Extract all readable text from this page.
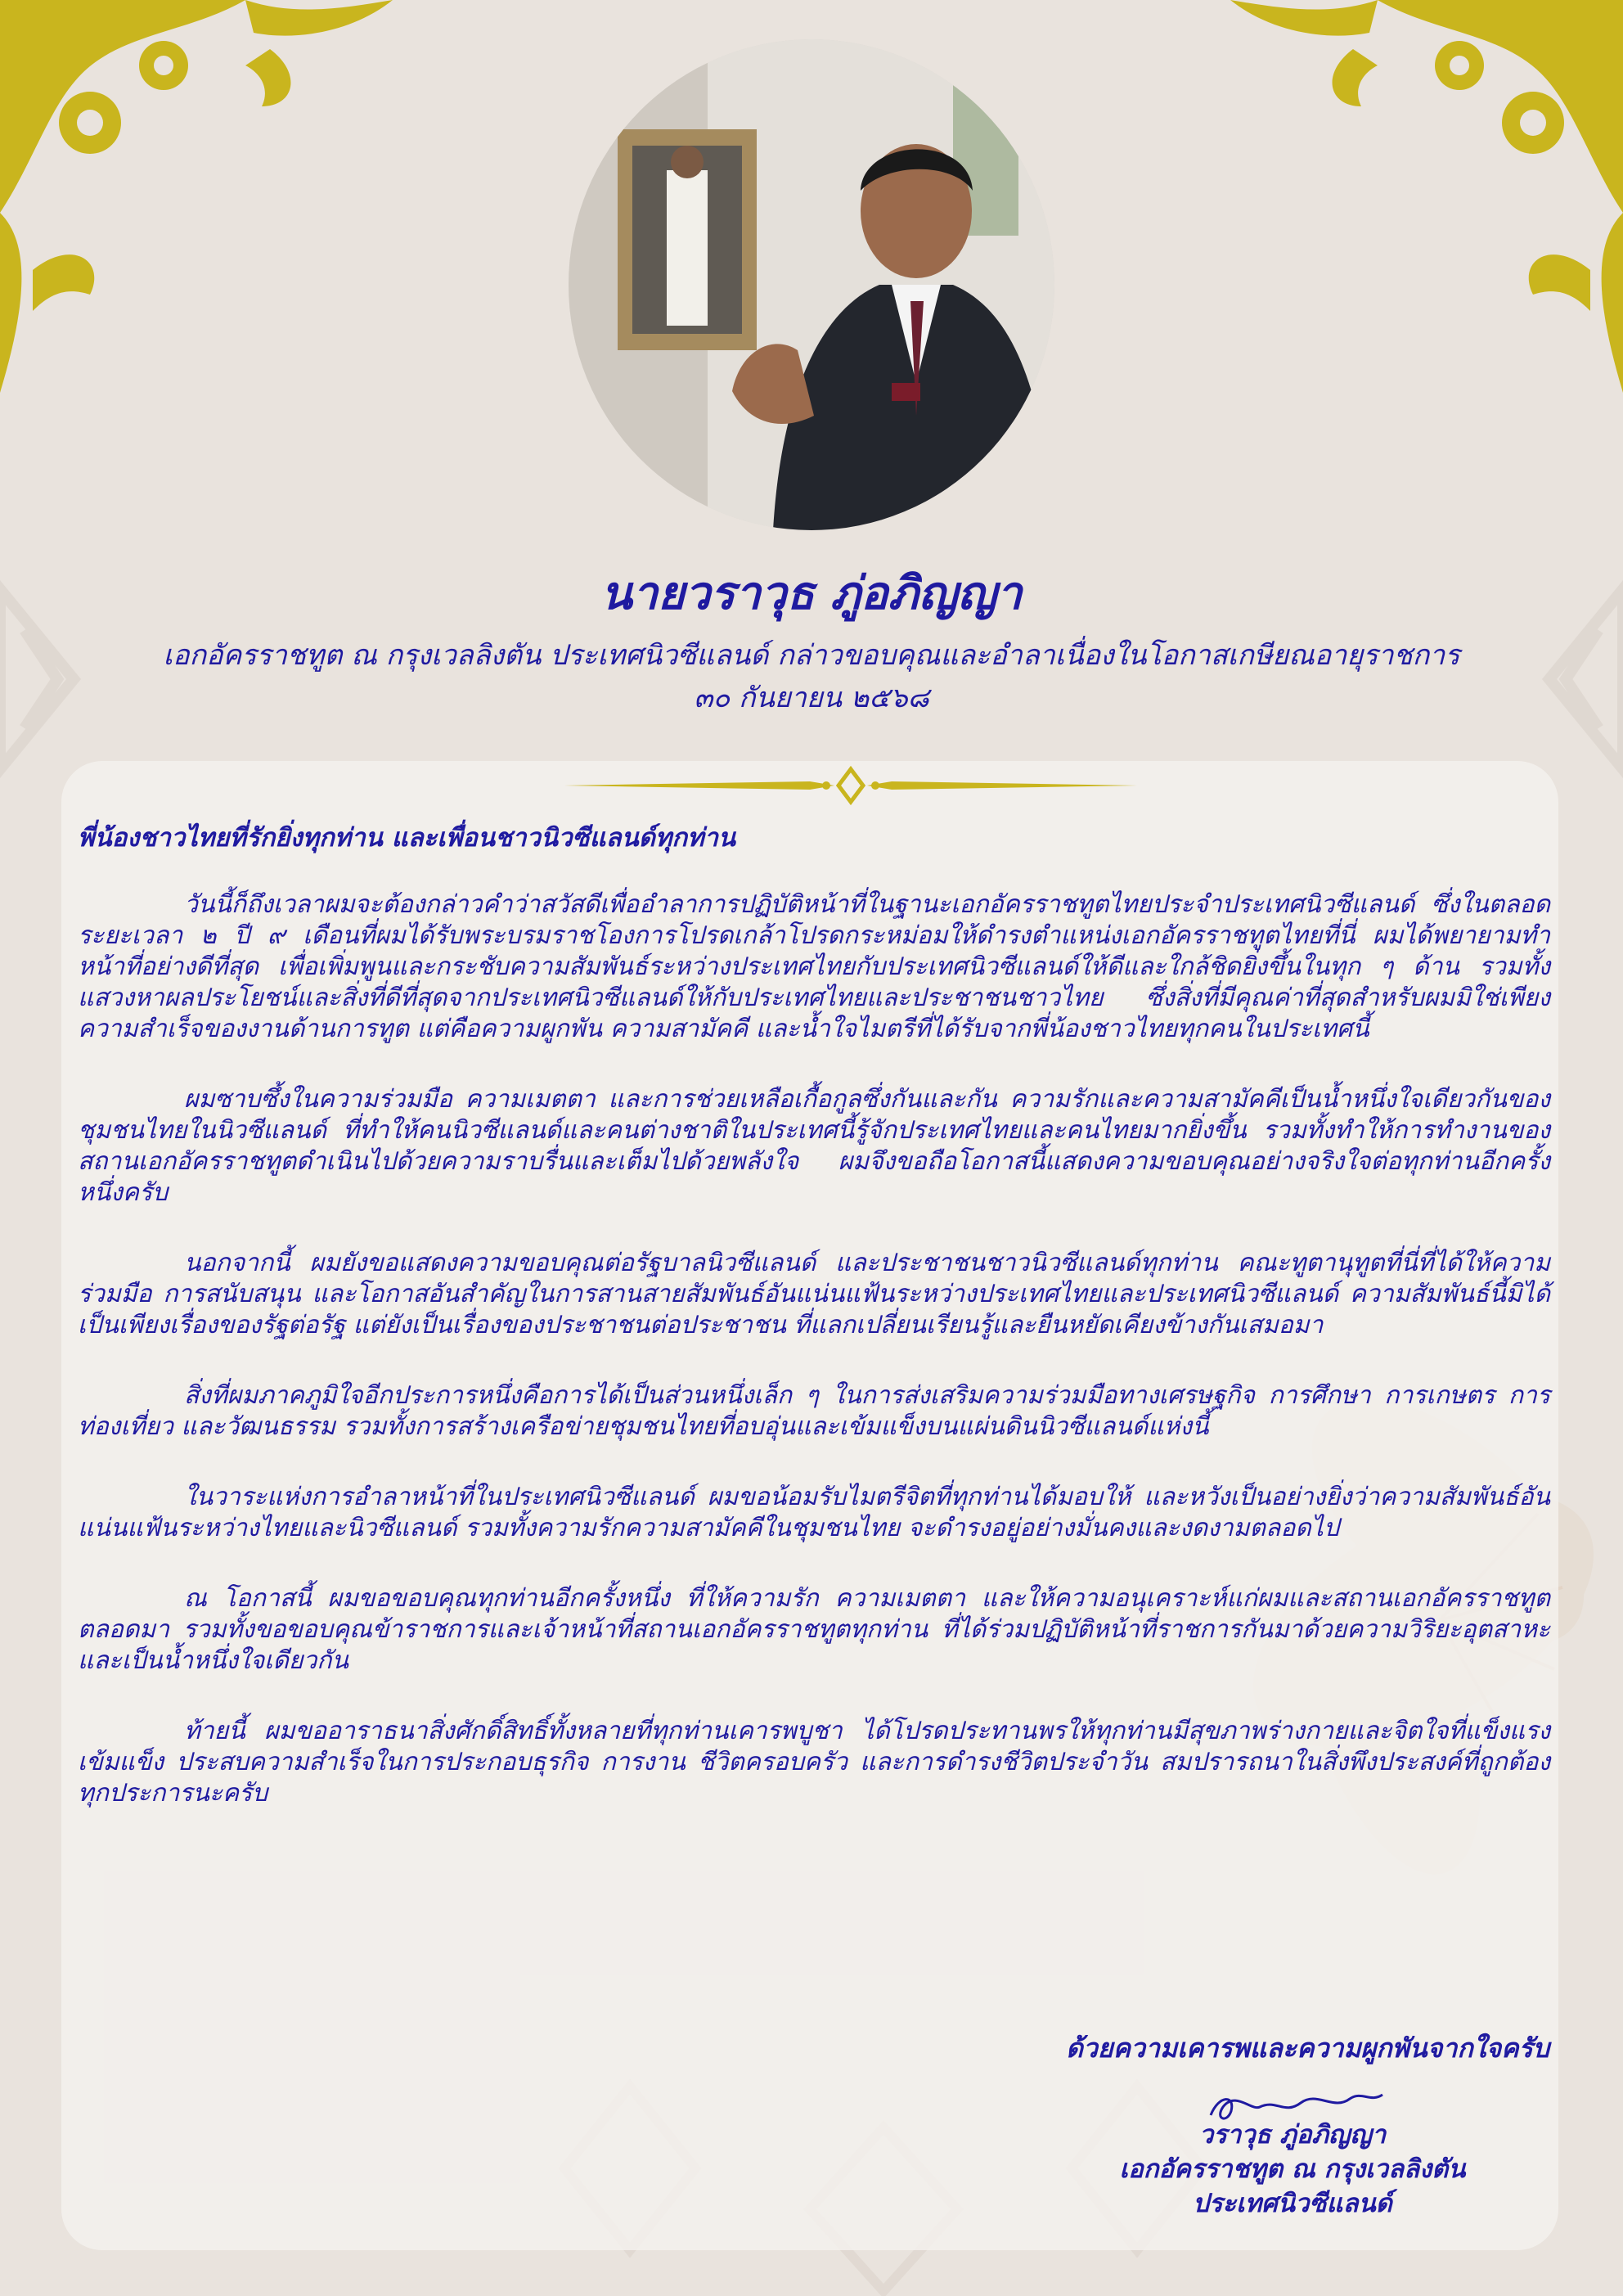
นายวราวุธ ภู่อภิญญา
เอกอัครราชทูต ณ กรุงเวลลิงตัน ประเทศนิวซีแลนด์ กล่าวขอบคุณและอำลาเนื่องในโอกาสเกษียณอายุราชการ
๓๐ กันยายน ๒๕๖๘
พี่น้องชาวไทยที่รักยิ่งทุกท่าน และเพื่อนชาวนิวซีแลนด์ทุกท่าน

วันนี้ก็ถึงเวลาผมจะต้องกล่าวคำว่าสวัสดีเพื่ออำลาการปฏิบัติหน้าที่ในฐานะเอกอัครราชทูตไทยประจำประเทศนิวซีแลนด์ ซึ่งในตลอดระยะเวลา ๒ ปี ๙ เดือนที่ผมได้รับพระบรมราชโองการโปรดเกล้าโปรดกระหม่อมให้ดำรงตำแหน่งเอกอัครราชทูตไทยที่นี่ ผมได้พยายามทำหน้าที่อย่างดีที่สุด เพื่อเพิ่มพูนและกระชับความสัมพันธ์ระหว่างประเทศไทยกับประเทศนิวซีแลนด์ให้ดีและใกล้ชิดยิ่งขึ้นในทุก ๆ ด้าน รวมทั้งแสวงหาผลประโยชน์และสิ่งที่ดีที่สุดจากประเทศนิวซีแลนด์ให้กับประเทศไทยและประชาชนชาวไทย ซึ่งสิ่งที่มีคุณค่าที่สุดสำหรับผมมิใช่เพียงความสำเร็จของงานด้านการทูต แต่คือความผูกพัน ความสามัคคี และน้ำใจไมตรีที่ได้รับจากพี่น้องชาวไทยทุกคนในประเทศนี้

ผมซาบซึ้งในความร่วมมือ ความเมตตา และการช่วยเหลือเกื้อกูลซึ่งกันและกัน ความรักและความสามัคคีเป็นน้ำหนึ่งใจเดียวกันของชุมชนไทยในนิวซีแลนด์ ที่ทำให้คนนิวซีแลนด์และคนต่างชาติในประเทศนี้รู้จักประเทศไทยและคนไทยมากยิ่งขึ้น รวมทั้งทำให้การทำงานของสถานเอกอัครราชทูตดำเนินไปด้วยความราบรื่นและเต็มไปด้วยพลังใจ ผมจึงขอถือโอกาสนี้แสดงความขอบคุณอย่างจริงใจต่อทุกท่านอีกครั้งหนึ่งครับ

นอกจากนี้ ผมยังขอแสดงความขอบคุณต่อรัฐบาลนิวซีแลนด์ และประชาชนชาวนิวซีแลนด์ทุกท่าน คณะทูตานุทูตที่นี่ที่ได้ให้ความร่วมมือ การสนับสนุน และโอกาสอันสำคัญในการสานสายสัมพันธ์อันแน่นแฟ้นระหว่างประเทศไทยและประเทศนิวซีแลนด์ ความสัมพันธ์นี้มิได้เป็นเพียงเรื่องของรัฐต่อรัฐ แต่ยังเป็นเรื่องของประชาชนต่อประชาชน ที่แลกเปลี่ยนเรียนรู้และยืนหยัดเคียงข้างกันเสมอมา

สิ่งที่ผมภาคภูมิใจอีกประการหนึ่งคือการได้เป็นส่วนหนึ่งเล็ก ๆ ในการส่งเสริมความร่วมมือทางเศรษฐกิจ การศึกษา การเกษตร การท่องเที่ยว และวัฒนธรรม รวมทั้งการสร้างเครือข่ายชุมชนไทยที่อบอุ่นและเข้มแข็งบนแผ่นดินนิวซีแลนด์แห่งนี้

ในวาระแห่งการอำลาหน้าที่ในประเทศนิวซีแลนด์ ผมขอน้อมรับไมตรีจิตที่ทุกท่านได้มอบให้ และหวังเป็นอย่างยิ่งว่าความสัมพันธ์อันแน่นแฟ้นระหว่างไทยและนิวซีแลนด์ รวมทั้งความรักความสามัคคีในชุมชนไทย จะดำรงอยู่อย่างมั่นคงและงดงามตลอดไป

ณ โอกาสนี้ ผมขอขอบคุณทุกท่านอีกครั้งหนึ่ง ที่ให้ความรัก ความเมตตา และให้ความอนุเคราะห์แก่ผมและสถานเอกอัครราชทูตตลอดมา รวมทั้งขอขอบคุณข้าราชการและเจ้าหน้าที่สถานเอกอัครราชทูตทุกท่าน ที่ได้ร่วมปฏิบัติหน้าที่ราชการกันมาด้วยความวิริยะอุตสาหะ และเป็นน้ำหนึ่งใจเดียวกัน

ท้ายนี้ ผมขออาราธนาสิ่งศักดิ์สิทธิ์ทั้งหลายที่ทุกท่านเคารพบูชา ได้โปรดประทานพรให้ทุกท่านมีสุขภาพร่างกายและจิตใจที่แข็งแรงเข้มแข็ง ประสบความสำเร็จในการประกอบธุรกิจ การงาน ชีวิตครอบครัว และการดำรงชีวิตประจำวัน สมปรารถนาในสิ่งพึงประสงค์ที่ถูกต้องทุกประการนะครับ

ด้วยความเคารพและความผูกพันจากใจครับ
วราวุธ ภู่อภิญญา
เอกอัครราชทูต ณ กรุงเวลลิงตัน
ประเทศนิวซีแลนด์
